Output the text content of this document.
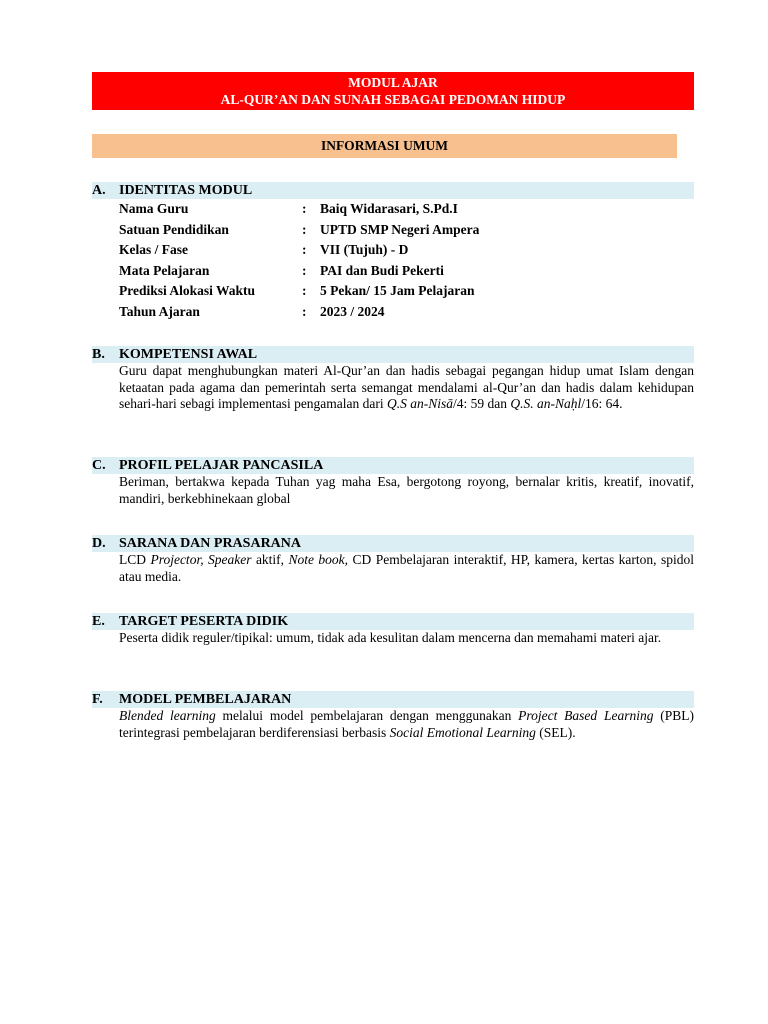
MODUL AJAR
AL-QUR’AN DAN SUNAH SEBAGAI PEDOMAN HIDUP
INFORMASI UMUM
A. IDENTITAS MODUL
Nama Guru	: Baiq Widarasari, S.Pd.I
Satuan Pendidikan	: UPTD SMP Negeri Ampera
Kelas / Fase	: VII (Tujuh) - D
Mata Pelajaran	: PAI dan Budi Pekerti
Prediksi Alokasi Waktu	: 5 Pekan/ 15 Jam Pelajaran
Tahun Ajaran	: 2023 / 2024
B. KOMPETENSI AWAL
Guru dapat menghubungkan materi Al-Qur’an dan hadis sebagai pegangan hidup umat Islam dengan ketaatan pada agama dan pemerintah serta semangat mendalami al-Qur’an dan hadis dalam kehidupan sehari-hari sebagi implementasi pengamalan dari Q.S an-Nisā/4: 59 dan Q.S. an-Naḥl/16: 64.
C. PROFIL PELAJAR PANCASILA
Beriman, bertakwa kepada Tuhan yag maha Esa, bergotong royong, bernalar kritis, kreatif, inovatif, mandiri, berkebhinekaan global
D. SARANA DAN PRASARANA
LCD Projector, Speaker aktif, Note book, CD Pembelajaran interaktif, HP, kamera, kertas karton, spidol atau media.
E. TARGET PESERTA DIDIK
Peserta didik reguler/tipikal: umum, tidak ada kesulitan dalam mencerna dan memahami materi ajar.
F. MODEL PEMBELAJARAN
Blended learning melalui model pembelajaran dengan menggunakan Project Based Learning (PBL) terintegrasi pembelajaran berdiferensiasi berbasis Social Emotional Learning (SEL).
